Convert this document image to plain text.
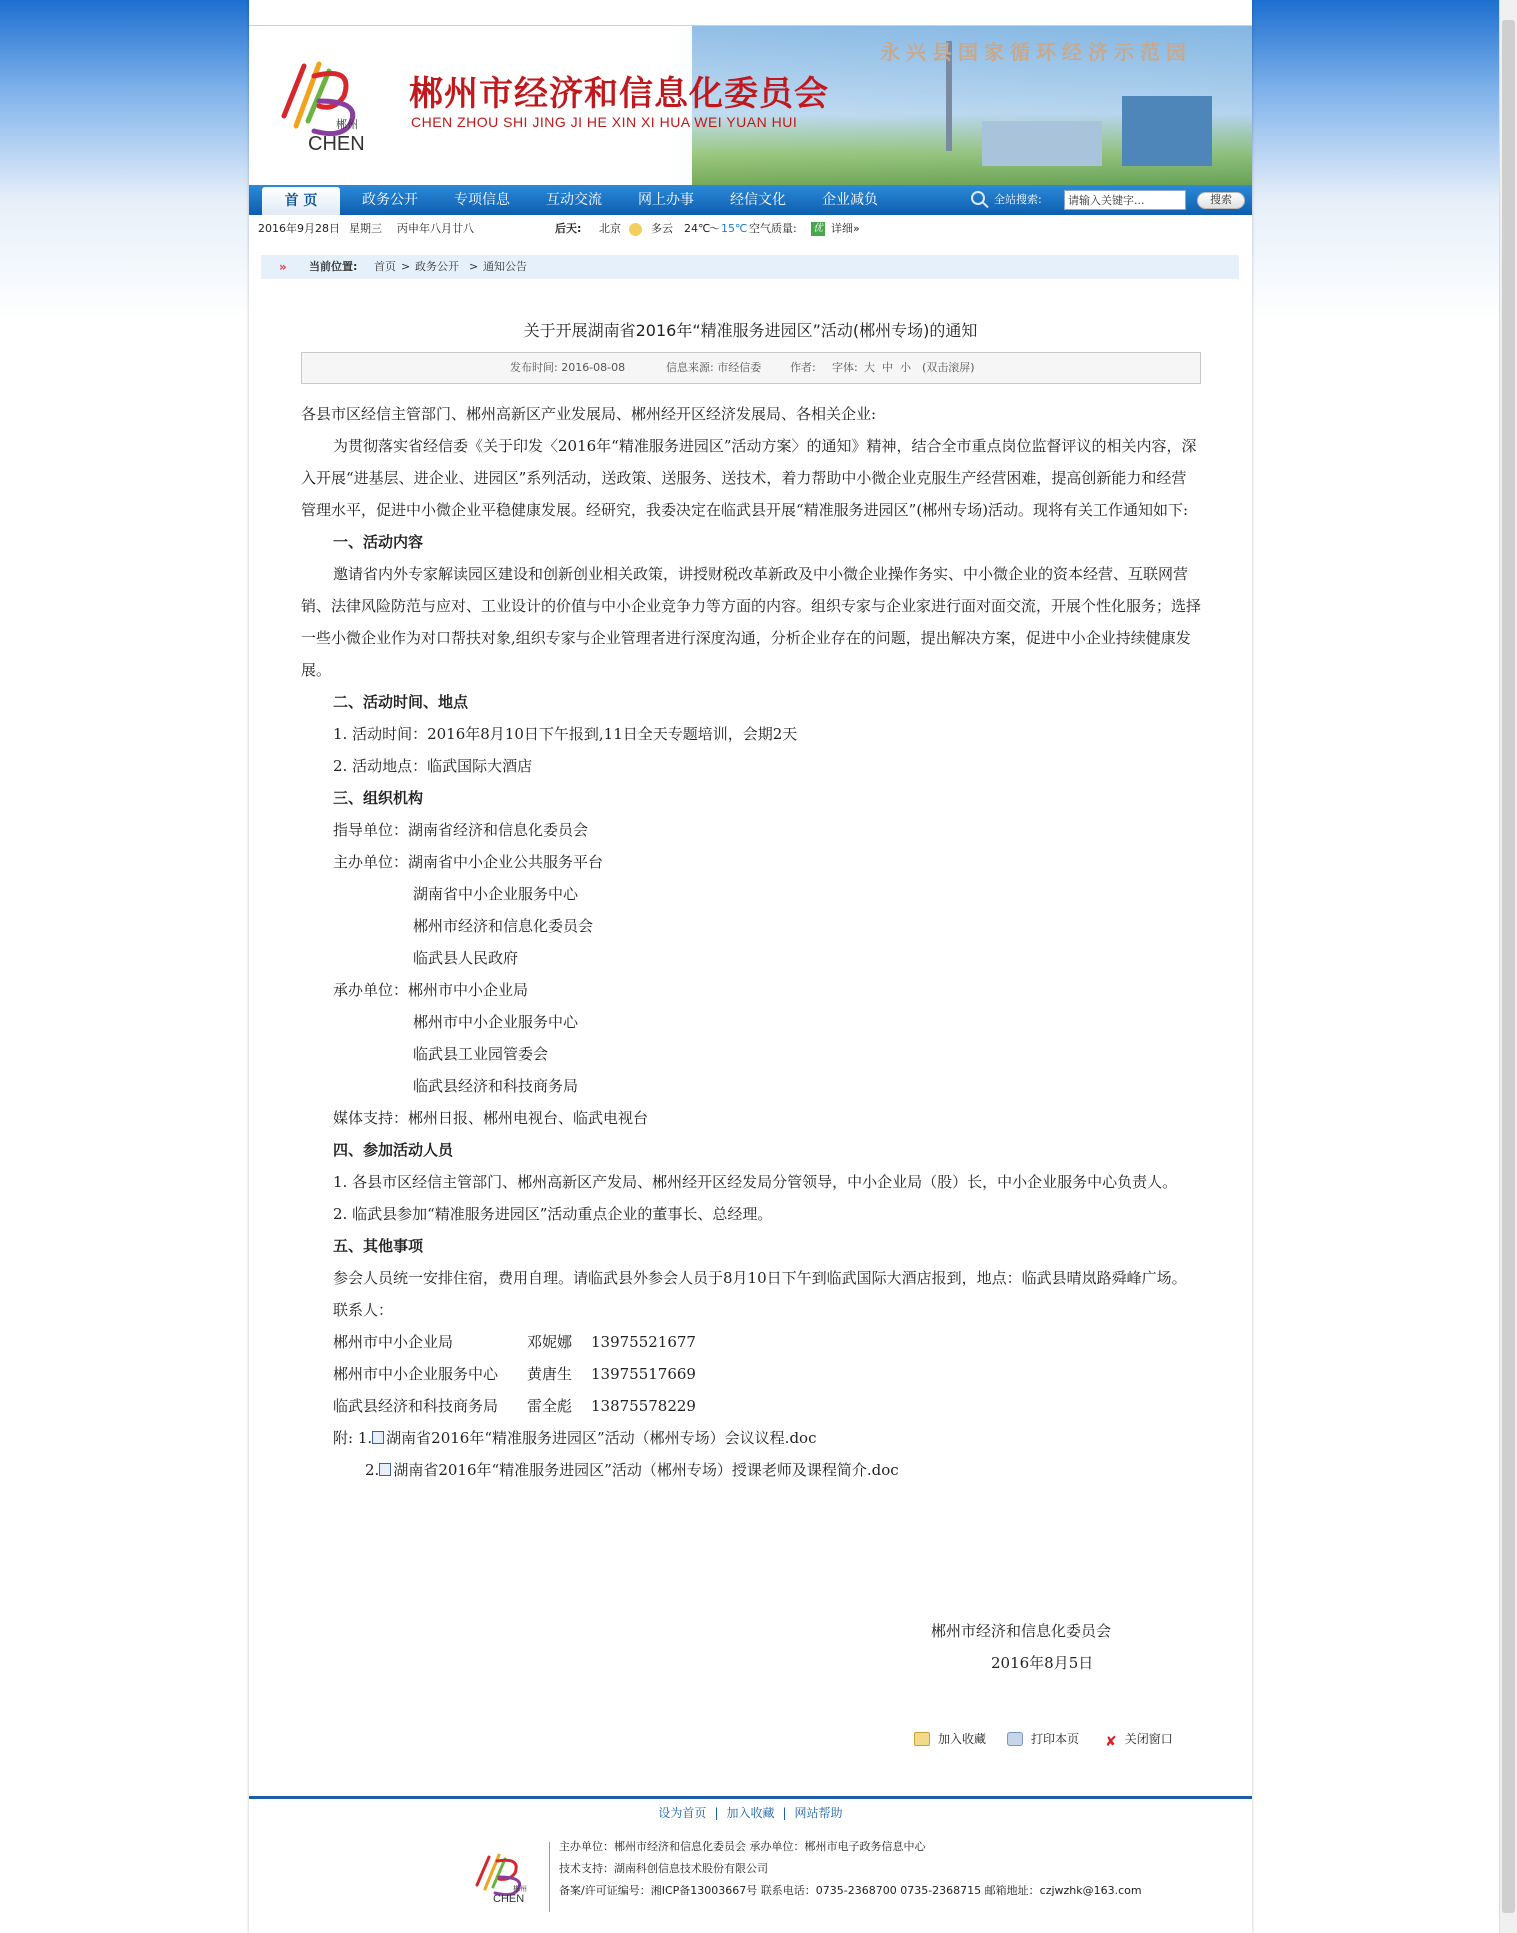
永兴县国家循环经济示范园
郴州
CHEN
郴州市经济和信息化委员会
CHEN ZHOU SHI JING JI HE XIN XI HUA WEI YUAN HUI
首 页	政务公开	专项信息	互动交流	网上办事	经信文化	企业减负	全站搜索:
请输入关键字...	搜索
2016年9月28日 星期三 丙申年八月廿八	后天: 北京	多云 24℃
～ 15℃ 空气质量: 优 详细»
» 当前位置: 首页 > 政务公开 > 通知公告
关于开展湖南省2016年“精准服务进园区”活动(郴州专场)的通知
发布时间: 2016-08-08	信息来源: 市经信委	作者: 字体: 大 中 小 (双击滚屏)

各县市区经信主管部门、郴州高新区产业发展局、郴州经开区经济发展局、各相关企业:

为贯彻落实省经信委《关于印发〈2016年“精准服务进园区”活动方案〉的通知》精神，结合全市重点岗位监督评议的相关内容，深入开展“进基层、进企业、进园区”系列活动，送政策、送服务、送技术，着力帮助中小微企业克服生产经营困难，提高创新能力和经营管理水平，促进中小微企业平稳健康发展。经研究，我委决定在临武县开展“精准服务进园区”(郴州专场)活动。现将有关工作通知如下:

一、活动内容

邀请省内外专家解读园区建设和创新创业相关政策，讲授财税改革新政及中小微企业操作务实、中小微企业的资本经营、互联网营销、法律风险防范与应对、工业设计的价值与中小企业竞争力等方面的内容。组织专家与企业家进行面对面交流，开展个性化服务；选择一些小微企业作为对口帮扶对象,组织专家与企业管理者进行深度沟通，分析企业存在的问题，提出解决方案，促进中小企业持续健康发展。

二、活动时间、地点

1. 活动时间：2016年8月10日下午报到,11日全天专题培训，会期2天

2. 活动地点：临武国际大酒店

三、组织机构

指导单位：湖南省经济和信息化委员会

主办单位：湖南省中小企业公共服务平台

湖南省中小企业服务中心

郴州市经济和信息化委员会

临武县人民政府

承办单位：郴州市中小企业局

郴州市中小企业服务中心

临武县工业园管委会

临武县经济和科技商务局

媒体支持：郴州日报、郴州电视台、临武电视台

四、参加活动人员

1. 各县市区经信主管部门、郴州高新区产发局、郴州经开区经发局分管领导，中小企业局（股）长，中小企业服务中心负责人。

2. 临武县参加“精准服务进园区”活动重点企业的董事长、总经理。

五、其他事项

参会人员统一安排住宿，费用自理。请临武县外参会人员于8月10日下午到临武国际大酒店报到，地点：临武县晴岚路舜峰广场。

联系人：

郴州市中小企业局	邓妮娜	13975521677
郴州市中小企业服务中心	黄唐生	13975517669
临武县经济和科技商务局	雷全彪	13875578229

附: 1. 湖南省2016年“精准服务进园区”活动（郴州专场）会议议程.doc

2. 湖南省2016年“精准服务进园区”活动（郴州专场）授课老师及课程简介.doc

郴州市经济和信息化委员会
2016年8月5日
加入收藏	打印本页 ✘ 关闭窗口
设为首页 | 加入收藏 | 网站帮助
郴州
CHEN
主办单位：郴州市经济和信息化委员会 承办单位：郴州市电子政务信息中心
技术支持：湖南科创信息技术股份有限公司
备案/许可证编号：湘ICP备13003667号 联系电话：0735-2368700 0735-2368715 邮箱地址：czjwzhk@163.com
